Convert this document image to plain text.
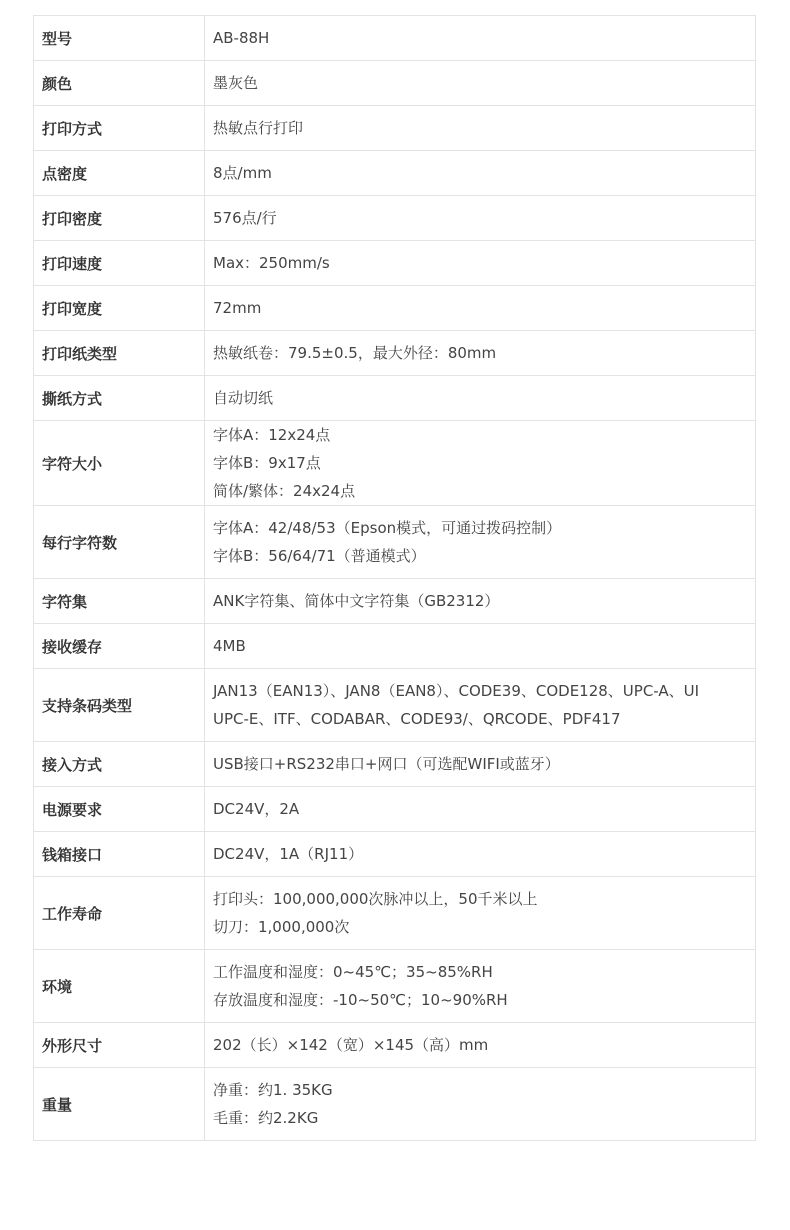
型号	AB-88H

颜色	墨灰色

打印方式	热敏点行打印

点密度	8点/mm

打印密度	576点/行

打印速度	Max：250mm/s

打印宽度	72mm

打印纸类型	热敏纸卷：79.5±0.5，最大外径：80mm

撕纸方式	自动切纸

字符大小	字体A：12x24点
字体B：9x17点
简体/繁体：24x24点

每行字符数	字体A：42/48/53（Epson模式，可通过拨码控制）
字体B：56/64/71（普通模式）

字符集	ANK字符集、简体中文字符集（GB2312）

接收缓存	4MB

支持条码类型	JAN13（EAN13）、JAN8（EAN8）、CODE39、CODE128、UPC-A、UI
UPC-E、ITF、CODABAR、CODE93/、QRCODE、PDF417

接入方式	USB接口+RS232串口+网口（可选配WIFI或蓝牙）

电源要求	DC24V，2A

钱箱接口	DC24V，1A（RJ11）

工作寿命	打印头：100,000,000次脉冲以上，50千米以上
切刀：1,000,000次

环境	工作温度和湿度：0~45℃；35~85%RH
存放温度和湿度：-10~50℃；10~90%RH

外形尺寸	202（长）×142（宽）×145（高）mm

重量	净重：约1. 35KG
毛重：约2.2KG
